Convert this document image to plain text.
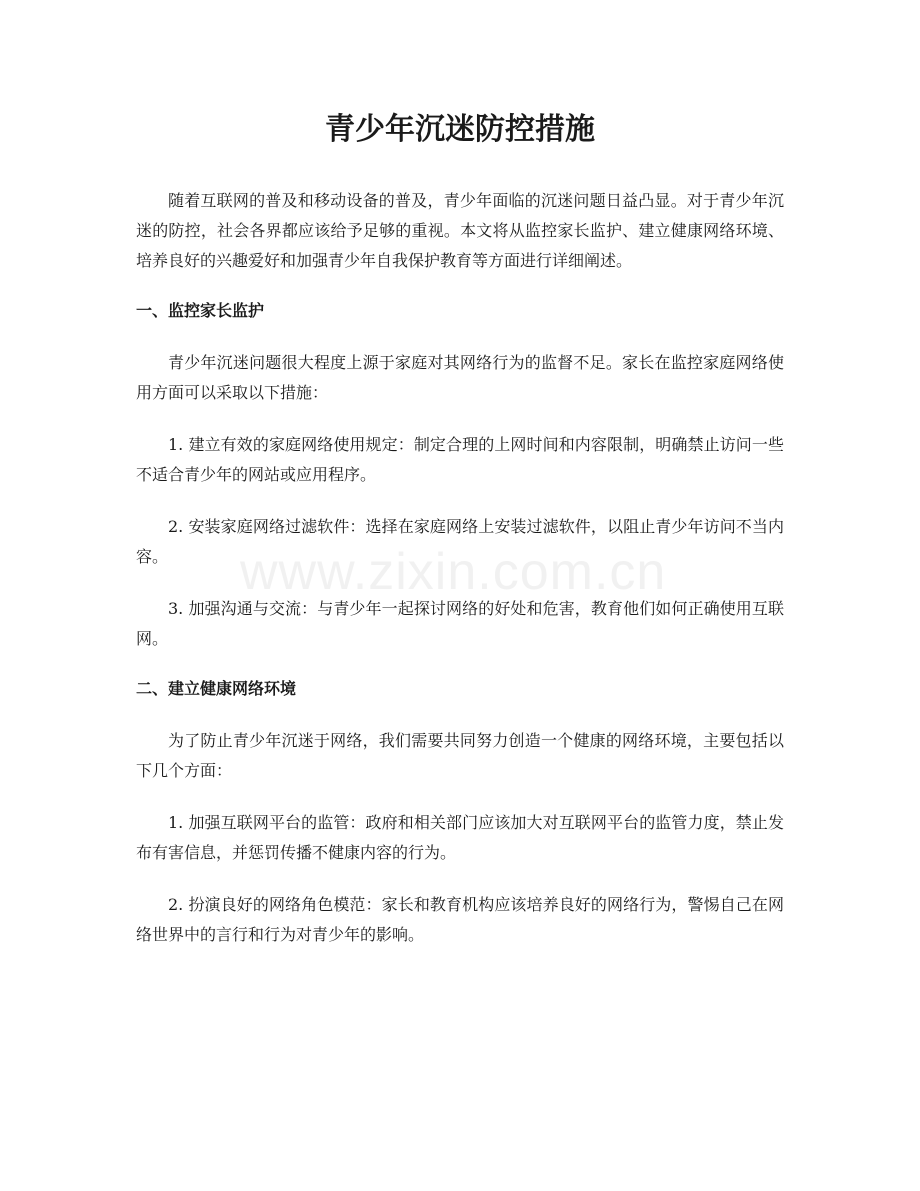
青少年沉迷防控措施

随着互联网的普及和移动设备的普及，青少年面临的沉迷问题日益凸显。对于青少年沉迷的防控，社会各界都应该给予足够的重视。本文将从监控家长监护、建立健康网络环境、培养良好的兴趣爱好和加强青少年自我保护教育等方面进行详细阐述。

一、监控家长监护

青少年沉迷问题很大程度上源于家庭对其网络行为的监督不足。家长在监控家庭网络使用方面可以采取以下措施：

1. 建立有效的家庭网络使用规定：制定合理的上网时间和内容限制，明确禁止访问一些不适合青少年的网站或应用程序。

2. 安装家庭网络过滤软件：选择在家庭网络上安装过滤软件，以阻止青少年访问不当内容。

3. 加强沟通与交流：与青少年一起探讨网络的好处和危害，教育他们如何正确使用互联网。

二、建立健康网络环境

为了防止青少年沉迷于网络，我们需要共同努力创造一个健康的网络环境，主要包括以下几个方面：

1. 加强互联网平台的监管：政府和相关部门应该加大对互联网平台的监管力度，禁止发布有害信息，并惩罚传播不健康内容的行为。

2. 扮演良好的网络角色模范：家长和教育机构应该培养良好的网络行为，警惕自己在网络世界中的言行和行为对青少年的影响。

www.zixin.com.cn
